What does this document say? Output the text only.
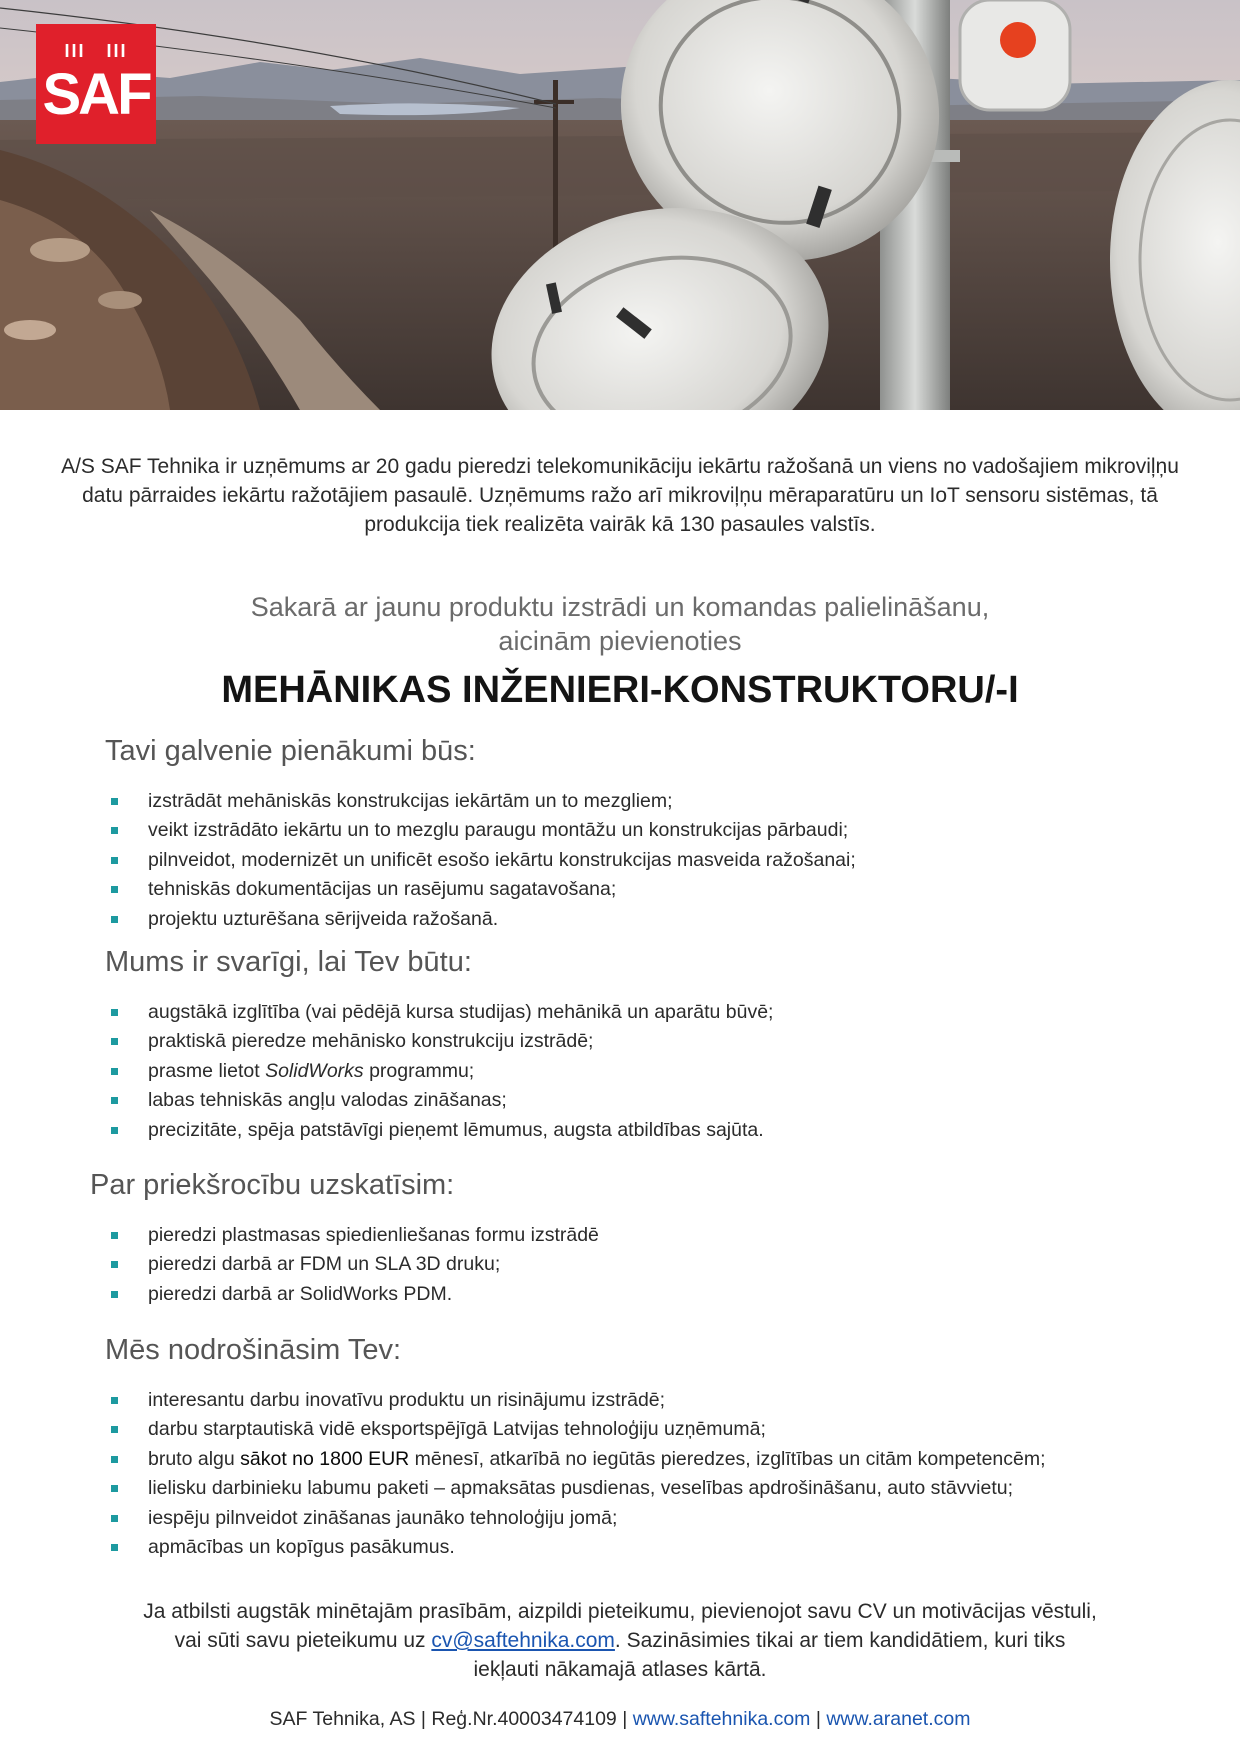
III   III
SAF
A/S SAF Tehnika ir uzņēmums ar 20 gadu pieredzi telekomunikāciju iekārtu ražošanā un viens no vadošajiem mikroviļņu datu pārraides iekārtu ražotājiem pasaulē. Uzņēmums ražo arī mikroviļņu mēraparatūru un IoT sensoru sistēmas, tā produkcija tiek realizēta vairāk kā 130 pasaules valstīs.
Sakarā ar jaunu produktu izstrādi un komandas palielināšanu,
aicinām pievienoties
MEHĀNIKAS INŽENIERI-KONSTRUKTORU/-I
Tavi galvenie pienākumi būs:
izstrādāt mehāniskās konstrukcijas iekārtām un to mezgliem;
veikt izstrādāto iekārtu un to mezglu paraugu montāžu un konstrukcijas pārbaudi;
pilnveidot, modernizēt un unificēt esošo iekārtu konstrukcijas masveida ražošanai;
tehniskās dokumentācijas un rasējumu sagatavošana;
projektu uzturēšana sērijveida ražošanā.
Mums ir svarīgi, lai Tev būtu:
augstākā izglītība (vai pēdējā kursa studijas) mehānikā un aparātu būvē;
praktiskā pieredze mehānisko konstrukciju izstrādē;
prasme lietot SolidWorks programmu;
labas tehniskās angļu valodas zināšanas;
precizitāte, spēja patstāvīgi pieņemt lēmumus, augsta atbildības sajūta.
Par priekšrocību uzskatīsim:
pieredzi plastmasas spiedienliešanas formu izstrādē
pieredzi darbā ar FDM un SLA 3D druku;
pieredzi darbā ar SolidWorks PDM.
Mēs nodrošināsim Tev:
interesantu darbu inovatīvu produktu un risinājumu izstrādē;
darbu starptautiskā vidē eksportspējīgā Latvijas tehnoloģiju uzņēmumā;
bruto algu sākot no 1800 EUR mēnesī, atkarībā no iegūtās pieredzes, izglītības un citām kompetencēm;
lielisku darbinieku labumu paketi – apmaksātas pusdienas, veselības apdrošināšanu, auto stāvvietu;
iespēju pilnveidot zināšanas jaunāko tehnoloģiju jomā;
apmācības un kopīgus pasākumus.
Ja atbilsti augstāk minētajām prasībām, aizpildi pieteikumu, pievienojot savu CV un motivācijas vēstuli,
vai sūti savu pieteikumu uz cv@saftehnika.com. Sazināsimies tikai ar tiem kandidātiem, kuri tiks
iekļauti nākamajā atlases kārtā.
SAF Tehnika, AS | Reģ.Nr.40003474109 | www.saftehnika.com | www.aranet.com
